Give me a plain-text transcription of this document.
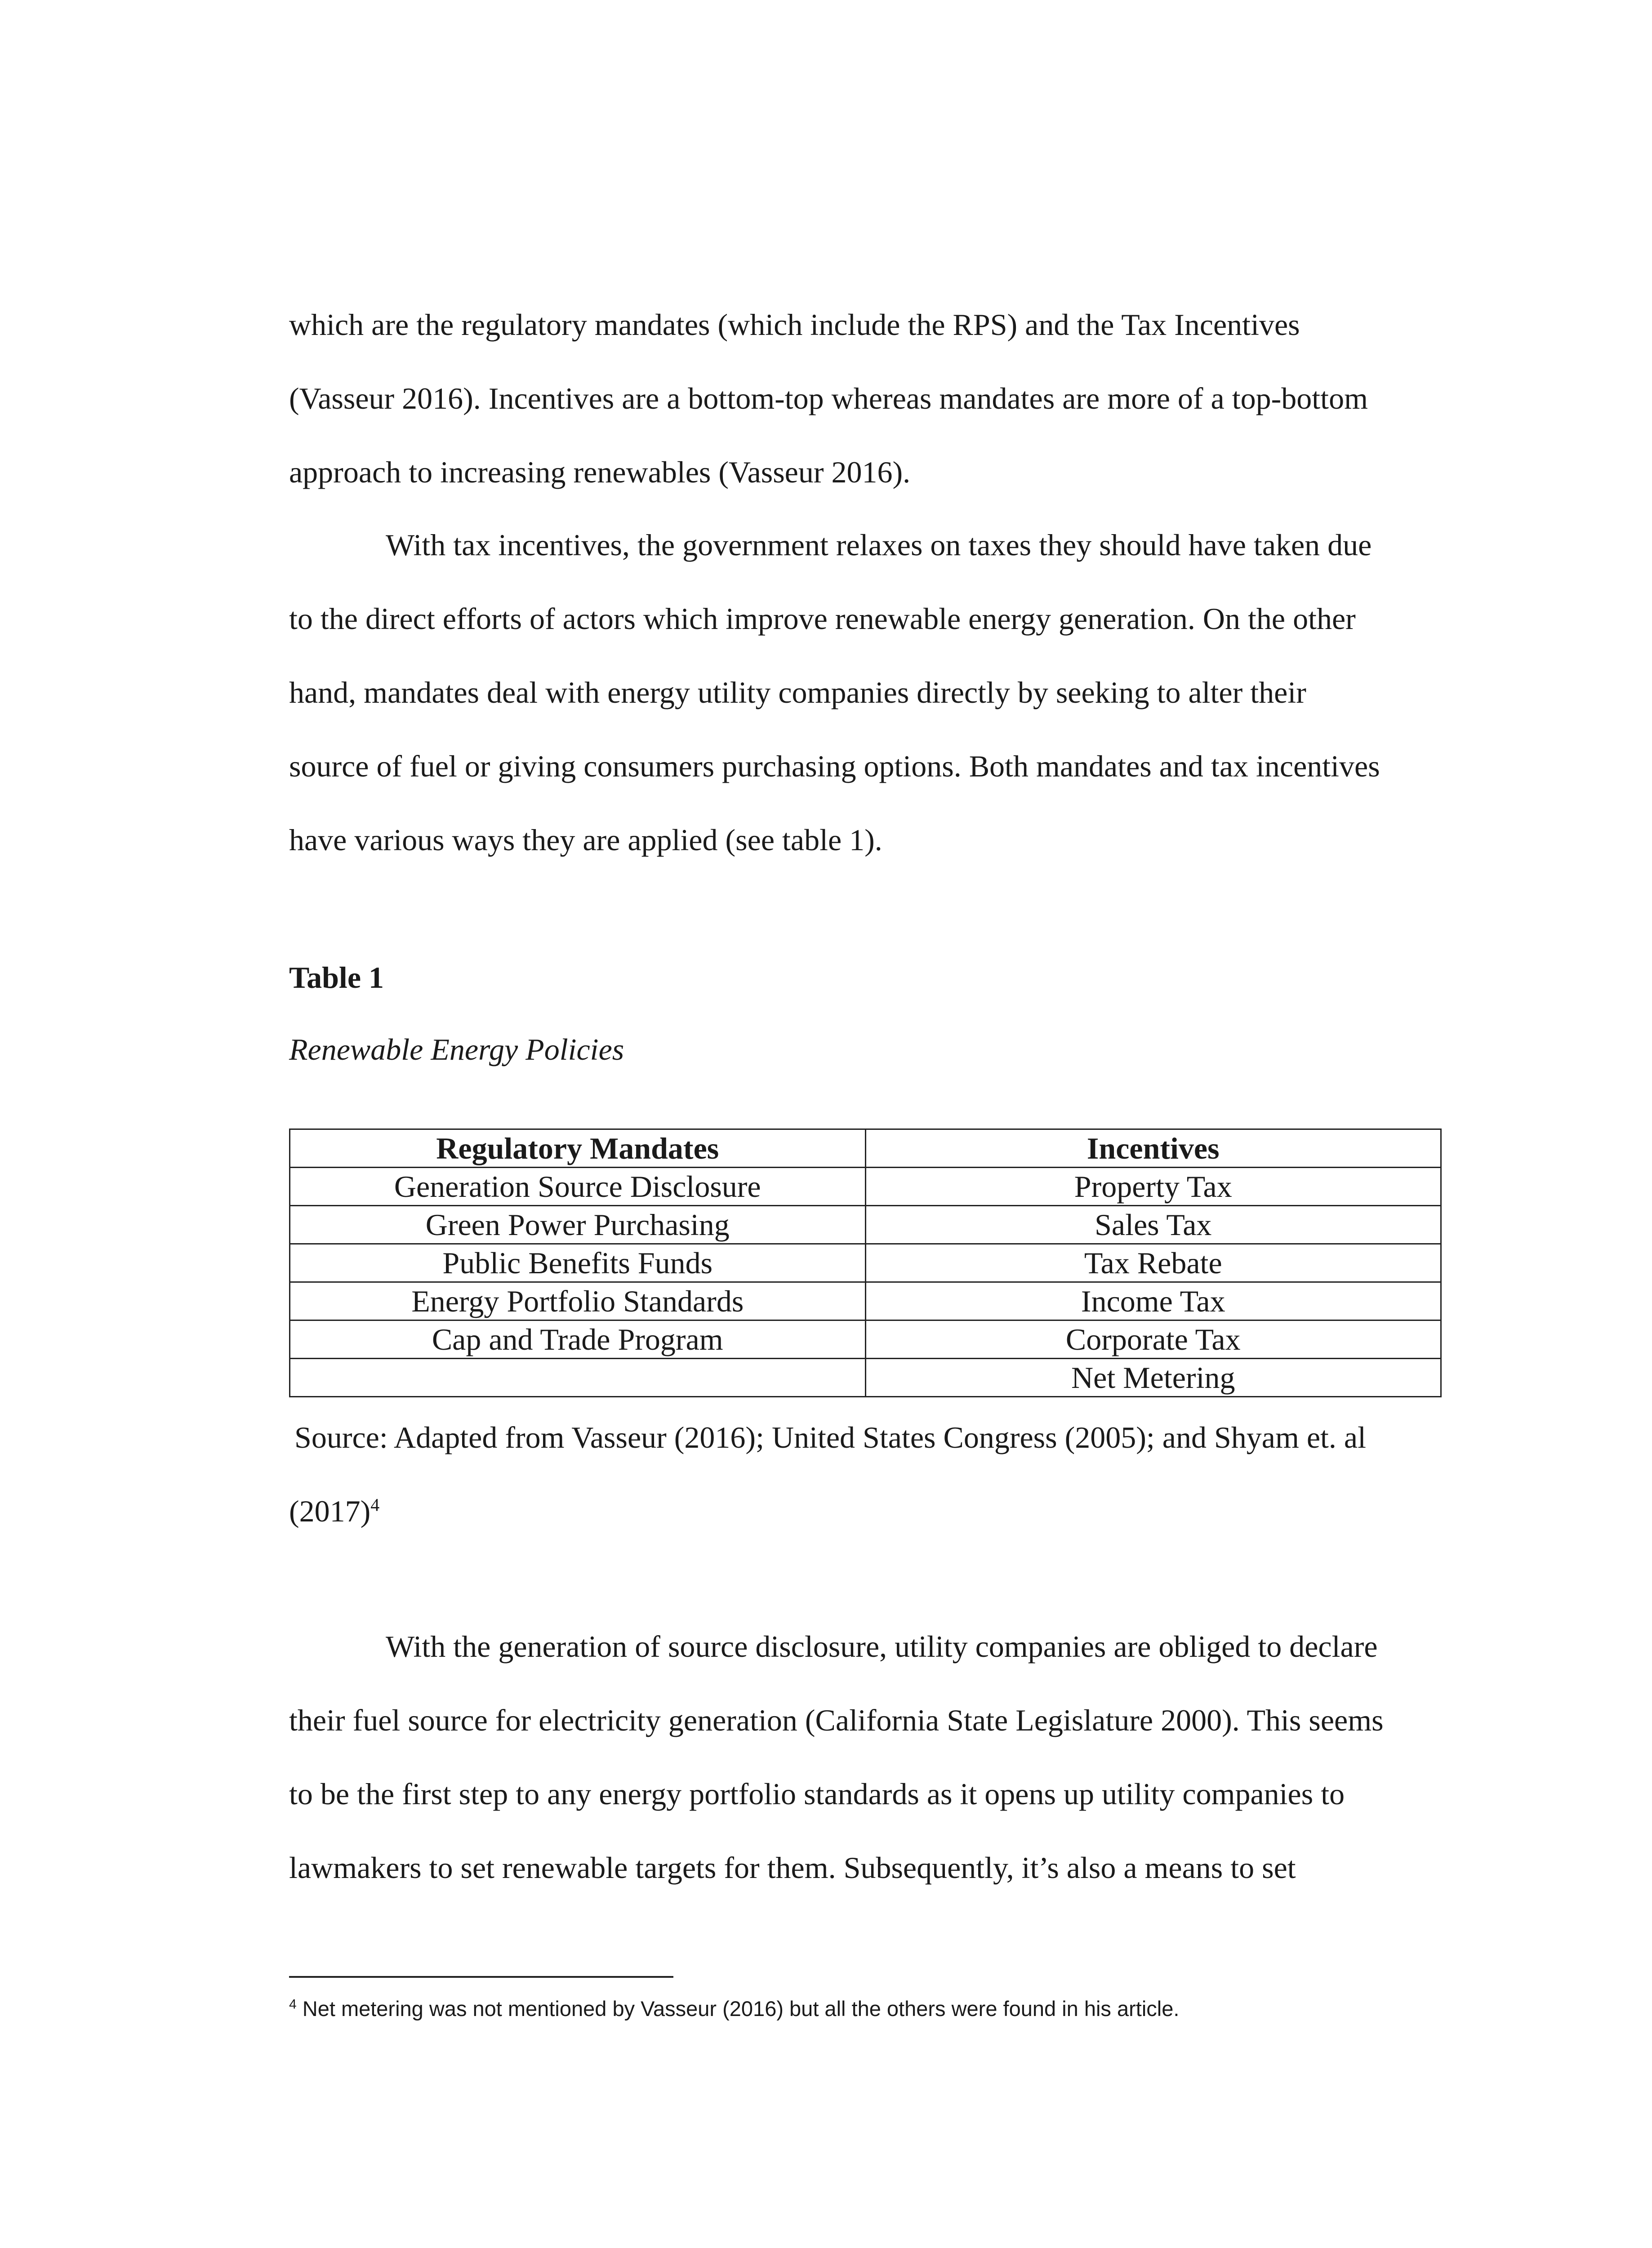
which are the regulatory mandates (which include the RPS) and the Tax Incentives
(Vasseur 2016). Incentives are a bottom-top whereas mandates are more of a top-bottom
approach to increasing renewables (Vasseur 2016).

With tax incentives, the government relaxes on taxes they should have taken due
to the direct efforts of actors which improve renewable energy generation. On the other
hand, mandates deal with energy utility companies directly by seeking to alter their
source of fuel or giving consumers purchasing options. Both mandates and tax incentives
have various ways they are applied (see table 1).

Table 1

Renewable Energy Policies

Regulatory Mandates	Incentives
Generation Source Disclosure	Property Tax
Green Power Purchasing	Sales Tax
Public Benefits Funds	Tax Rebate
Energy Portfolio Standards	Income Tax
Cap and Trade Program	Corporate Tax
	Net Metering

Source: Adapted from Vasseur (2016); United States Congress (2005); and Shyam et. al
(2017)$^4$

With the generation of source disclosure, utility companies are obliged to declare
their fuel source for electricity generation (California State Legislature 2000). This seems
to be the first step to any energy portfolio standards as it opens up utility companies to
lawmakers to set renewable targets for them. Subsequently, it’s also a means to set

$^4$ Net metering was not mentioned by Vasseur (2016) but all the others were found in his article.
